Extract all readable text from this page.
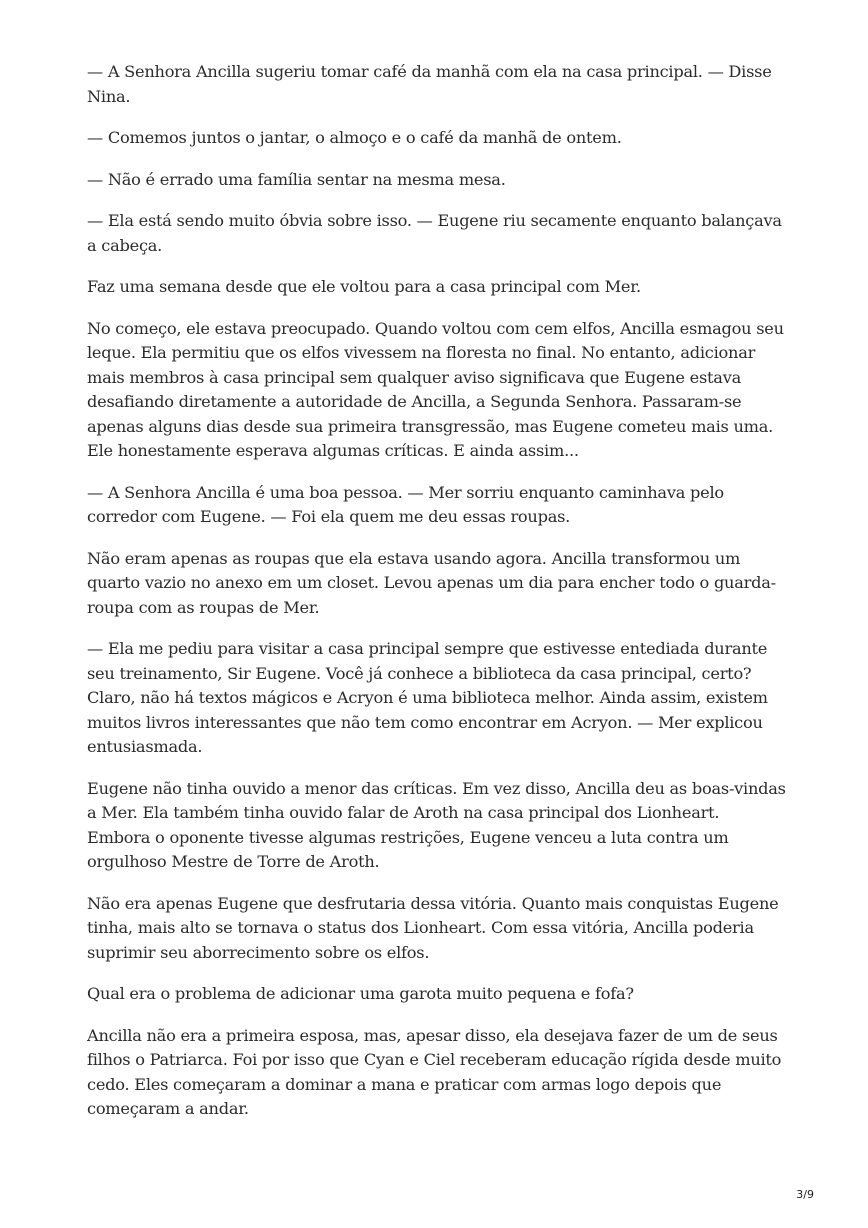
— A Senhora Ancilla sugeriu tomar café da manhã com ela na casa principal. — Disse Nina.

— Comemos juntos o jantar, o almoço e o café da manhã de ontem.

— Não é errado uma família sentar na mesma mesa.

— Ela está sendo muito óbvia sobre isso. — Eugene riu secamente enquanto balançava a cabeça.

Faz uma semana desde que ele voltou para a casa principal com Mer.

No começo, ele estava preocupado. Quando voltou com cem elfos, Ancilla esmagou seu leque. Ela permitiu que os elfos vivessem na floresta no final. No entanto, adicionar mais membros à casa principal sem qualquer aviso significava que Eugene estava desafiando diretamente a autoridade de Ancilla, a Segunda Senhora. Passaram-se apenas alguns dias desde sua primeira transgressão, mas Eugene cometeu mais uma. Ele honestamente esperava algumas críticas. E ainda assim...

— A Senhora Ancilla é uma boa pessoa. — Mer sorriu enquanto caminhava pelo corredor com Eugene. — Foi ela quem me deu essas roupas.

Não eram apenas as roupas que ela estava usando agora. Ancilla transformou um quarto vazio no anexo em um closet. Levou apenas um dia para encher todo o guarda-roupa com as roupas de Mer.

— Ela me pediu para visitar a casa principal sempre que estivesse entediada durante seu treinamento, Sir Eugene. Você já conhece a biblioteca da casa principal, certo? Claro, não há textos mágicos e Acryon é uma biblioteca melhor. Ainda assim, existem muitos livros interessantes que não tem como encontrar em Acryon. — Mer explicou entusiasmada.

Eugene não tinha ouvido a menor das críticas. Em vez disso, Ancilla deu as boas-vindas a Mer. Ela também tinha ouvido falar de Aroth na casa principal dos Lionheart. Embora o oponente tivesse algumas restrições, Eugene venceu a luta contra um orgulhoso Mestre de Torre de Aroth.

Não era apenas Eugene que desfrutaria dessa vitória. Quanto mais conquistas Eugene tinha, mais alto se tornava o status dos Lionheart. Com essa vitória, Ancilla poderia suprimir seu aborrecimento sobre os elfos.

Qual era o problema de adicionar uma garota muito pequena e fofa?

Ancilla não era a primeira esposa, mas, apesar disso, ela desejava fazer de um de seus filhos o Patriarca. Foi por isso que Cyan e Ciel receberam educação rígida desde muito cedo. Eles começaram a dominar a mana e praticar com armas logo depois que começaram a andar.

3/9
